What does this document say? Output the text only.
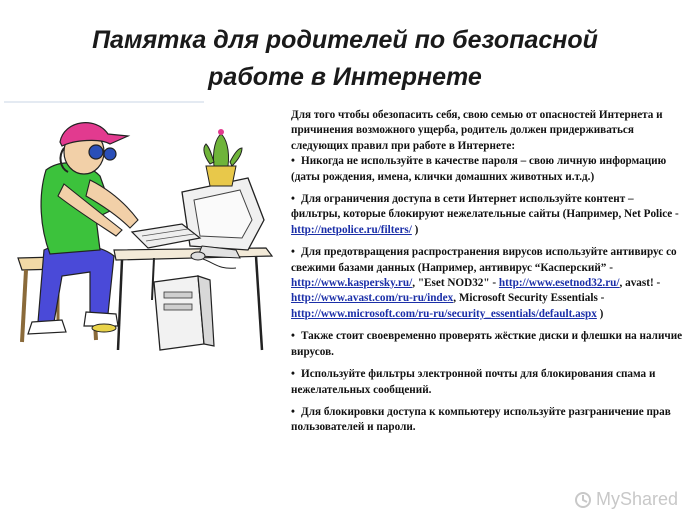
Памятка для родителей по безопасной
работе в Интернете

Для того чтобы обезопасить себя, свою семью от опасностей Интернета и причинения возможного ущерба, родитель должен придерживаться следующих правил при работе в Интернете:

• Никогда не используйте в качестве пароля – свою личную информацию (даты рождения, имена, клички домашних животных и.т.д.)

• Для ограничения доступа в сети Интернет используйте контент – фильтры, которые блокируют нежелательные сайты (Например, Net Police - http://netpolice.ru/filters/ )

• Для предотвращения распространения вирусов используйте антивирус со свежими базами данных (Например, антивирус “Касперский” - http://www.kaspersky.ru/, "Eset NOD32" - http://www.esetnod32.ru/, avast! - http://www.avast.com/ru-ru/index, Microsoft Security Essentials - http://www.microsoft.com/ru-ru/security_essentials/default.aspx )

• Также стоит своевременно проверять жёсткие диски и флешки на наличие вирусов.

• Используйте фильтры электронной почты для блокирования спама и нежелательных сообщений.

• Для блокировки доступа к компьютеру используйте разграничение прав пользователей и пароли.

MyShared
